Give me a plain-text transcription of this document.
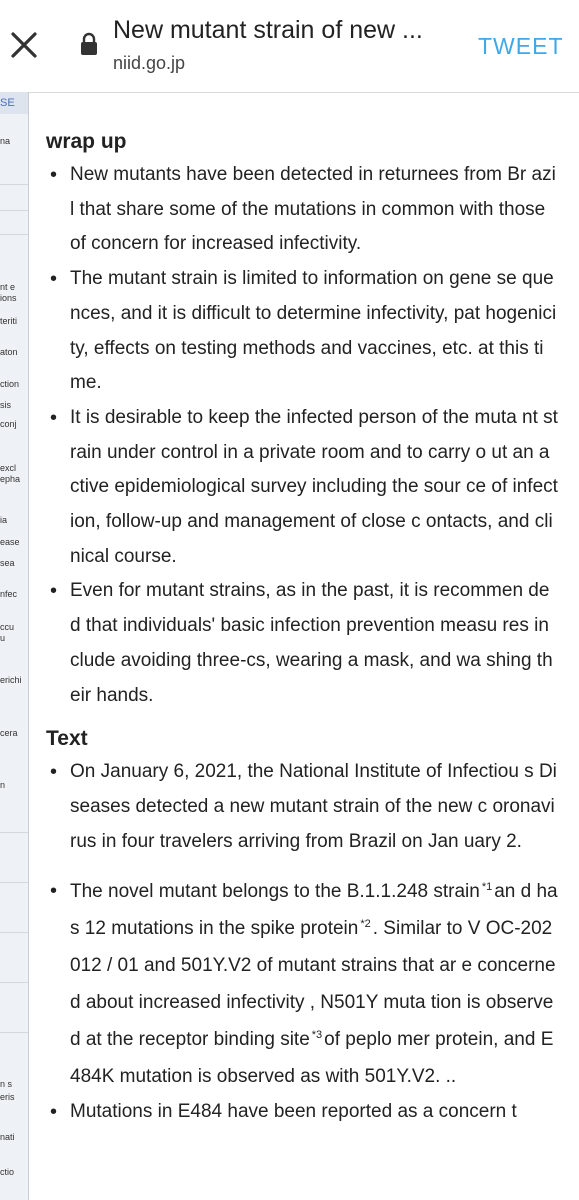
New mutant strain of new ...
niid.go.jp
TWEET
SE
na
nt e
ions
teriti
aton
ction
sis
conj
excl
epha
ia
ease
sea
nfec
ccu
u
erichi
cera
n
n s
eris
nati
ctio
wrap up
• New mutants have been detected in returnees from Br azil that share some of the mutations in common with those of concern for increased infectivity.
• The mutant strain is limited to information on gene se quences, and it is difficult to determine infectivity, pat hogenicity, effects on testing methods and vaccines, etc. at this time.
• It is desirable to keep the infected person of the muta nt strain under control in a private room and to carry o ut an active epidemiological survey including the sour ce of infection, follow-up and management of close c ontacts, and clinical course.
• Even for mutant strains, as in the past, it is recommen ded that individuals' basic infection prevention measu res include avoiding three-cs, wearing a mask, and wa shing their hands.
Text
• On January 6, 2021, the National Institute of Infectiou s Diseases detected a new mutant strain of the new c oronavirus in four travelers arriving from Brazil on Jan uary 2.
• The novel mutant belongs to the B.1.1.248 strain $^{*1}$ an d has 12 mutations in the spike protein $^{*2}$ . Similar to V OC-202012 / 01 and 501Y.V2 of mutant strains that ar e concerned about increased infectivity , N501Y muta tion is observed at the receptor binding site $^{*3}$ of peplo mer protein, and E484K mutation is observed as with 501Y.V2. ..
• Mutations in E484 have been reported as a concern t
